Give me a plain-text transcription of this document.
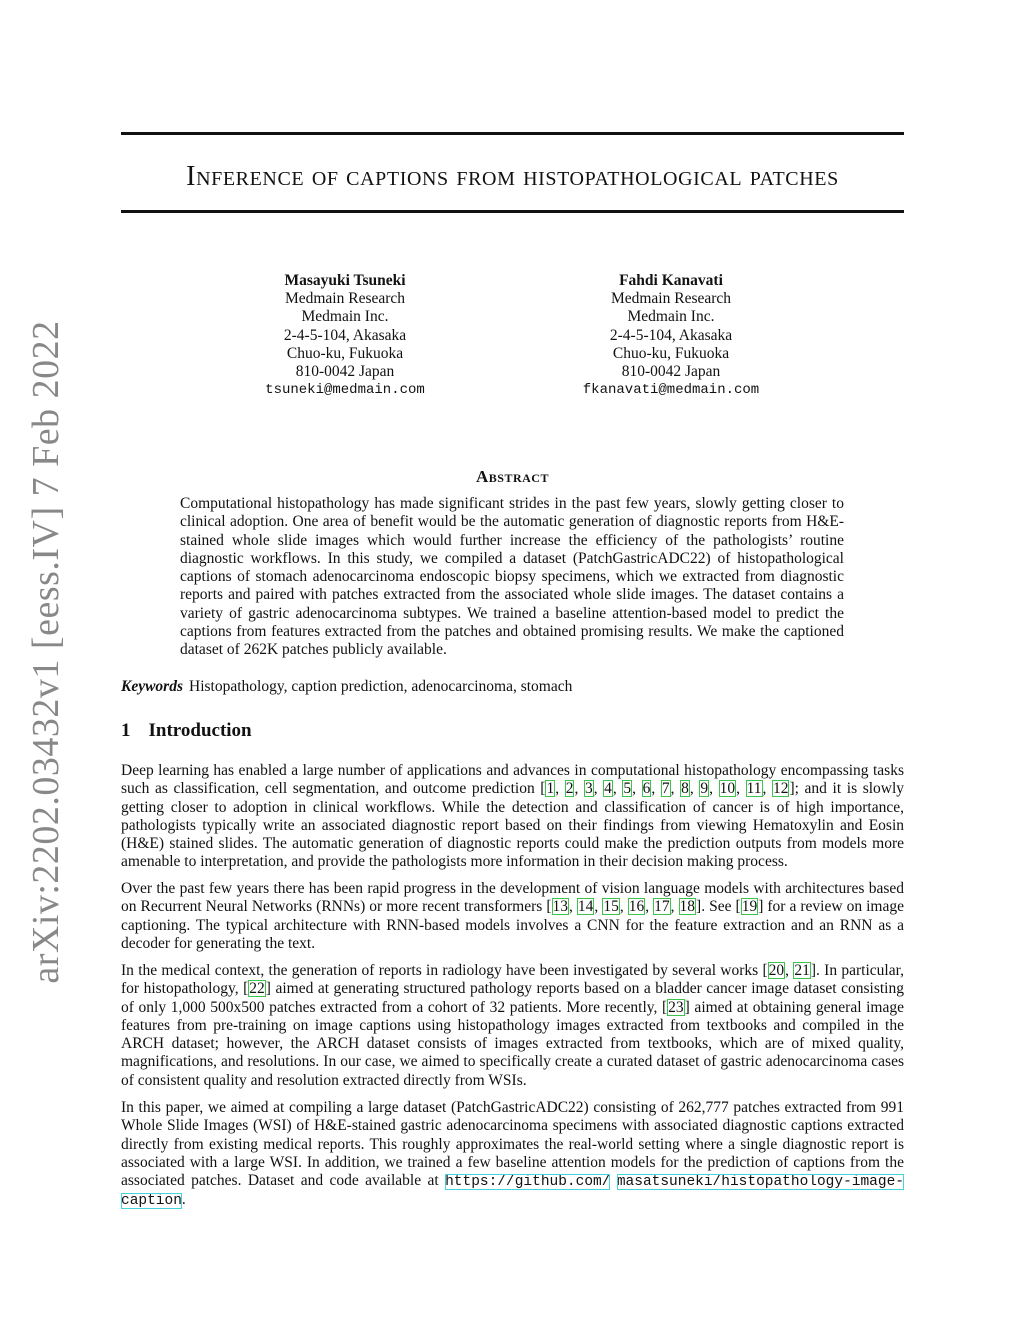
arXiv:2202.03432v1 [eess.IV] 7 Feb 2022
Inference of captions from histopathological patches
Masayuki Tsuneki
Medmain Research
Medmain Inc.
2-4-5-104, Akasaka
Chuo-ku, Fukuoka
810-0042 Japan
tsuneki@medmain.com
Fahdi Kanavati
Medmain Research
Medmain Inc.
2-4-5-104, Akasaka
Chuo-ku, Fukuoka
810-0042 Japan
fkanavati@medmain.com
Abstract

Computational histopathology has made significant strides in the past few years, slowly getting closer to clinical adoption. One area of benefit would be the automatic generation of diagnostic reports from H&E-stained whole slide images which would further increase the efficiency of the pathologists’ routine diagnostic workflows. In this study, we compiled a dataset (PatchGastricADC22) of histopathological captions of stomach adenocarcinoma endoscopic biopsy specimens, which we extracted from diagnostic reports and paired with patches extracted from the associated whole slide images. The dataset contains a variety of gastric adenocarcinoma subtypes. We trained a baseline attention-based model to predict the captions from features extracted from the patches and obtained promising results. We make the captioned dataset of 262K patches publicly available.

Keywords Histopathology, caption prediction, adenocarcinoma, stomach

1 Introduction

Deep learning has enabled a large number of applications and advances in computational histopathology encompassing tasks such as classification, cell segmentation, and outcome prediction [1, 2, 3, 4, 5, 6, 7, 8, 9, 10, 11, 12]; and it is slowly getting closer to adoption in clinical workflows. While the detection and classification of cancer is of high importance, pathologists typically write an associated diagnostic report based on their findings from viewing Hematoxylin and Eosin (H&E) stained slides. The automatic generation of diagnostic reports could make the prediction outputs from models more amenable to interpretation, and provide the pathologists more information in their decision making process.

Over the past few years there has been rapid progress in the development of vision language models with architectures based on Recurrent Neural Networks (RNNs) or more recent transformers [13, 14, 15, 16, 17, 18]. See [19] for a review on image captioning. The typical architecture with RNN-based models involves a CNN for the feature extraction and an RNN as a decoder for generating the text.

In the medical context, the generation of reports in radiology have been investigated by several works [20, 21]. In particular, for histopathology, [22] aimed at generating structured pathology reports based on a bladder cancer image dataset consisting of only 1,000 500x500 patches extracted from a cohort of 32 patients. More recently, [23] aimed at obtaining general image features from pre-training on image captions using histopathology images extracted from textbooks and compiled in the ARCH dataset; however, the ARCH dataset consists of images extracted from textbooks, which are of mixed quality, magnifications, and resolutions. In our case, we aimed to specifically create a curated dataset of gastric adenocarcinoma cases of consistent quality and resolution extracted directly from WSIs.

In this paper, we aimed at compiling a large dataset (PatchGastricADC22) consisting of 262,777 patches extracted from 991 Whole Slide Images (WSI) of H&E-stained gastric adenocarcinoma specimens with associated diagnostic captions extracted directly from existing medical reports. This roughly approximates the real-world setting where a single diagnostic report is associated with a large WSI. In addition, we trained a few baseline attention models for the prediction of captions from the associated patches. Dataset and code available at https://github.com/ masatsuneki/histopathology-image-caption.
